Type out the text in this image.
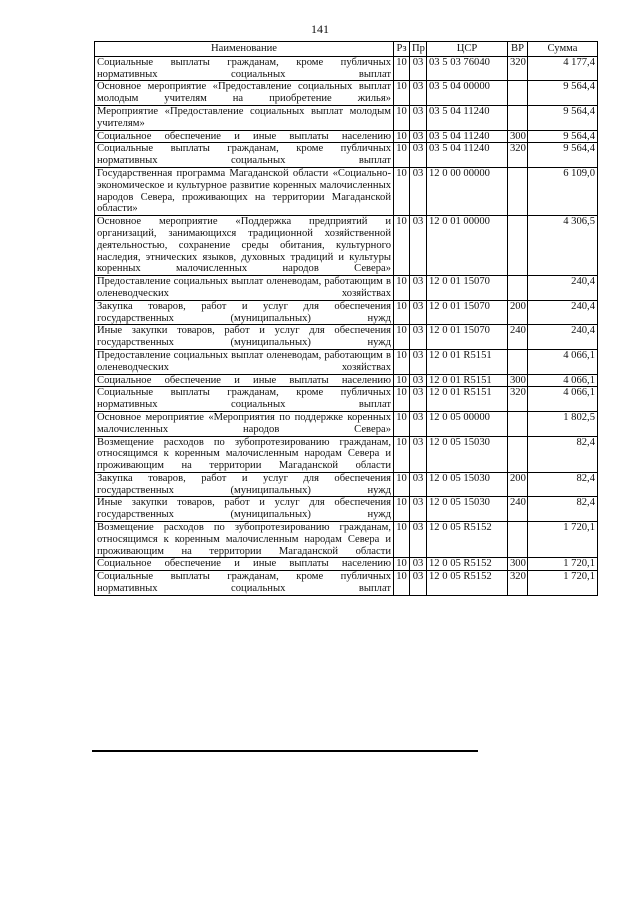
141
Наименование	Рз	Пр	ЦСР	ВР	Сумма
Социальные выплаты гражданам, кроме публичных нормативных социальных выплат	10	03	03 5 03 76040	320	4 177,4
Основное мероприятие «Предоставление социальных выплат молодым учителям на приобретение жилья»	10	03	03 5 04 00000		9 564,4
Мероприятие «Предоставление социальных выплат молодым учителям»	10	03	03 5 04 11240		9 564,4
Социальное обеспечение и иные выплаты населению	10	03	03 5 04 11240	300	9 564,4
Социальные выплаты гражданам, кроме публичных нормативных социальных выплат	10	03	03 5 04 11240	320	9 564,4
Государственная программа Магаданской области «Социально-экономическое и культурное развитие коренных малочисленных народов Севера, проживающих на территории Магаданской области»	10	03	12 0 00 00000		6 109,0
Основное мероприятие «Поддержка предприятий и организаций, занимающихся традиционной хозяйственной деятельностью, сохранение среды обитания, культурного наследия, этнических языков, духовных традиций и культуры коренных малочисленных народов Севера»	10	03	12 0 01 00000		4 306,5
Предоставление социальных выплат оленеводам, работающим в оленеводческих хозяйствах	10	03	12 0 01 15070		240,4
Закупка товаров, работ и услуг для обеспечения государственных (муниципальных) нужд	10	03	12 0 01 15070	200	240,4
Иные закупки товаров, работ и услуг для обеспечения государственных (муниципальных) нужд	10	03	12 0 01 15070	240	240,4
Предоставление социальных выплат оленеводам, работающим в оленеводческих хозяйствах	10	03	12 0 01 R5151		4 066,1
Социальное обеспечение и иные выплаты населению	10	03	12 0 01 R5151	300	4 066,1
Социальные выплаты гражданам, кроме публичных нормативных социальных выплат	10	03	12 0 01 R5151	320	4 066,1
Основное мероприятие «Мероприятия по поддержке коренных малочисленных народов Севера»	10	03	12 0 05 00000		1 802,5
Возмещение расходов по зубопротезированию гражданам, относящимся к коренным малочисленным народам Севера и проживающим на территории Магаданской области	10	03	12 0 05 15030		82,4
Закупка товаров, работ и услуг для обеспечения государственных (муниципальных) нужд	10	03	12 0 05 15030	200	82,4
Иные закупки товаров, работ и услуг для обеспечения государственных (муниципальных) нужд	10	03	12 0 05 15030	240	82,4
Возмещение расходов по зубопротезированию гражданам, относящимся к коренным малочисленным народам Севера и проживающим на территории Магаданской области	10	03	12 0 05 R5152		1 720,1
Социальное обеспечение и иные выплаты населению	10	03	12 0 05 R5152	300	1 720,1
Социальные выплаты гражданам, кроме публичных нормативных социальных выплат	10	03	12 0 05 R5152	320	1 720,1
